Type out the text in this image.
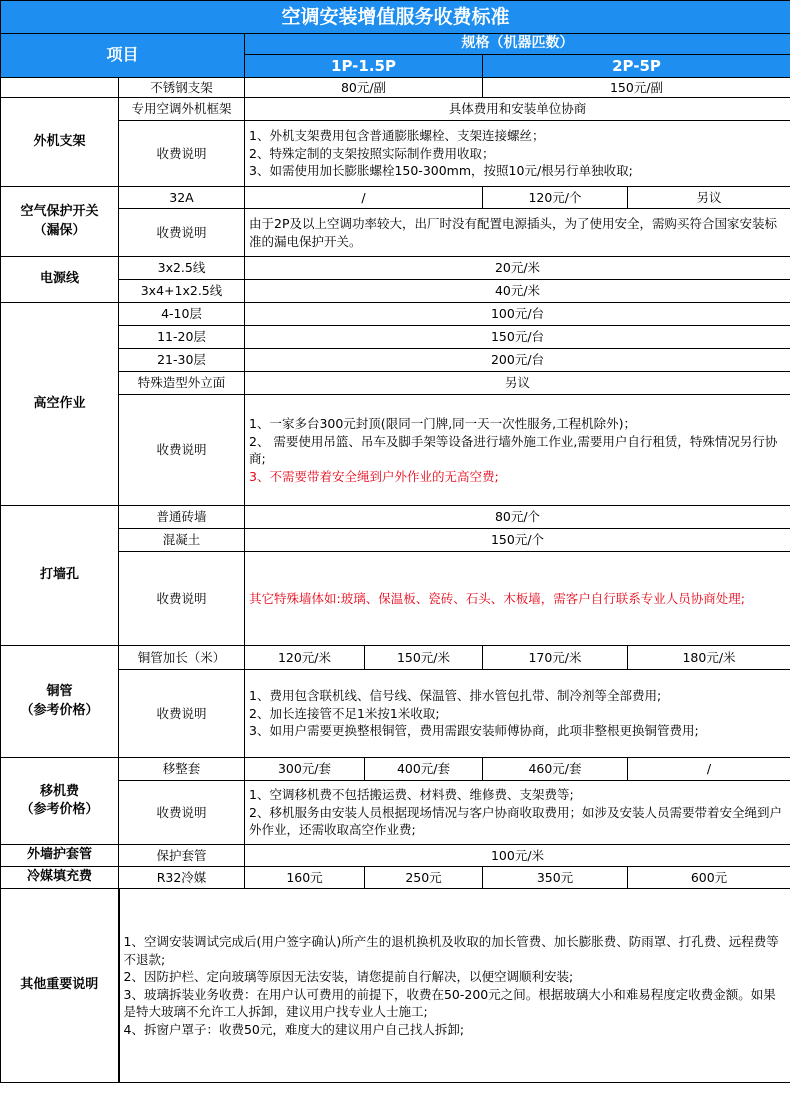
空调安装增值服务收费标准					
项目		规格（机器匹数）			
		1P-1.5P		2P-5P	
	不锈钢支架	80元/副		150元/副	
外机支架	专用空调外机框架	具体费用和安装单位协商			
	收费说明	1、外机支架费用包含普通膨胀螺栓、支架连接螺丝；
2、特殊定制的支架按照实际制作费用收取；
3、如需使用加长膨胀螺栓150-300mm，按照10元/根另行单独收取;			

空气保护开关
（漏保）	32A	/		120元/个	另议
	收费说明	由于2P及以上空调功率较大，出厂时没有配置电源插头，为了使用安全，需购买符合国家安装标准的漏电保护开关。			
电源线	3x2.5线	20元/米			
	3x4+1x2.5线	40元/米			
高空作业	4-10层	100元/台			
	11-20层	150元/台			
	21-30层	200元/台			
	特殊造型外立面	另议			
	收费说明	1、一家多台300元封顶(限同一门牌,同一天一次性服务,工程机除外)；
2、 需要使用吊篮、吊车及脚手架等设备进行墙外施工作业,需要用户自行租赁，特殊情况另行协商;
3、不需要带着安全绳到户外作业的无高空费;			

打墙孔	普通砖墙	80元/个			
	混凝土	150元/个			
	收费说明	其它特殊墙体如:玻璃、保温板、瓷砖、石头、木板墙，需客户自行联系专业人员协商处理;			

铜管
（参考价格）	铜管加长（米）	120元/米	150元/米	170元/米	180元/米
	收费说明	1、费用包含联机线、信号线、保温管、排水管包扎带、制冷剂等全部费用;
2、加长连接管不足1米按1米收取;
3、如用户需要更换整根铜管，费用需跟安装师傅协商，此项非整根更换铜管费用;			

移机费
（参考价格）	移整套	300元/套	400元/套	460元/套	/
	收费说明	1、空调移机费不包括搬运费、材料费、维修费、支架费等;
2、移机服务由安装人员根据现场情况与客户协商收取费用；如涉及安装人员需要带着安全绳到户外作业，还需收取高空作业费;			

外墙护套管	保护套管	100元/米			
冷媒填充费	R32冷媒	160元	250元	350元	600元
其他重要说明	1、空调安装调试完成后(用户签字确认)所产生的退机换机及收取的加长管费、加长膨胀费、防雨罩、打孔费、远程费等不退款;
2、因防护栏、定向玻璃等原因无法安装，请您提前自行解决，以便空调顺利安装;
3、玻璃拆装业务收费：在用户认可费用的前提下，收费在50-200元之间。根据玻璃大小和难易程度定收费金额。如果是特大玻璃不允许工人拆卸，建议用户找专业人士施工;
4、拆窗户罩子：收费50元，难度大的建议用户自己找人拆卸;				
